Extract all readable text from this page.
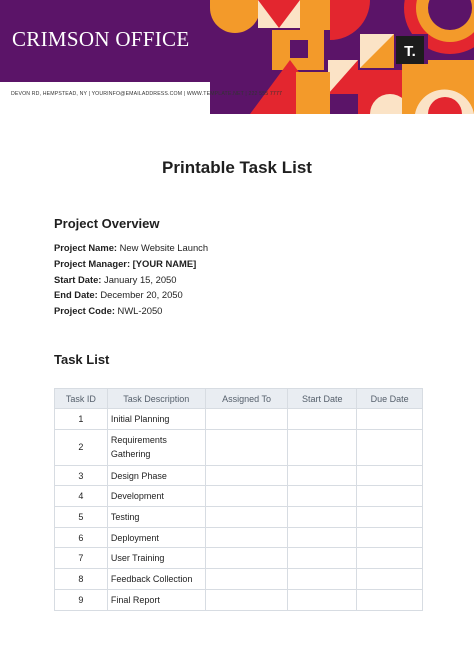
CRIMSON OFFICE
T.
DEVON RD, HEMPSTEAD, NY | YOURINFO@EMAILADDRESS.COM | WWW.TEMPLATE.NET | 222 555 7777
Printable Task List
Project Overview
Project Name: New Website Launch
Project Manager: [YOUR NAME]
Start Date: January 15, 2050
End Date: December 20, 2050
Project Code: NWL-2050
Task List
Task ID	Task Description	Assigned To	Start Date	Due Date
1	Initial Planning			
2	Requirements Gathering			
3	Design Phase			
4	Development			
5	Testing			
6	Deployment			
7	User Training			
8	Feedback Collection			
9	Final Report			
